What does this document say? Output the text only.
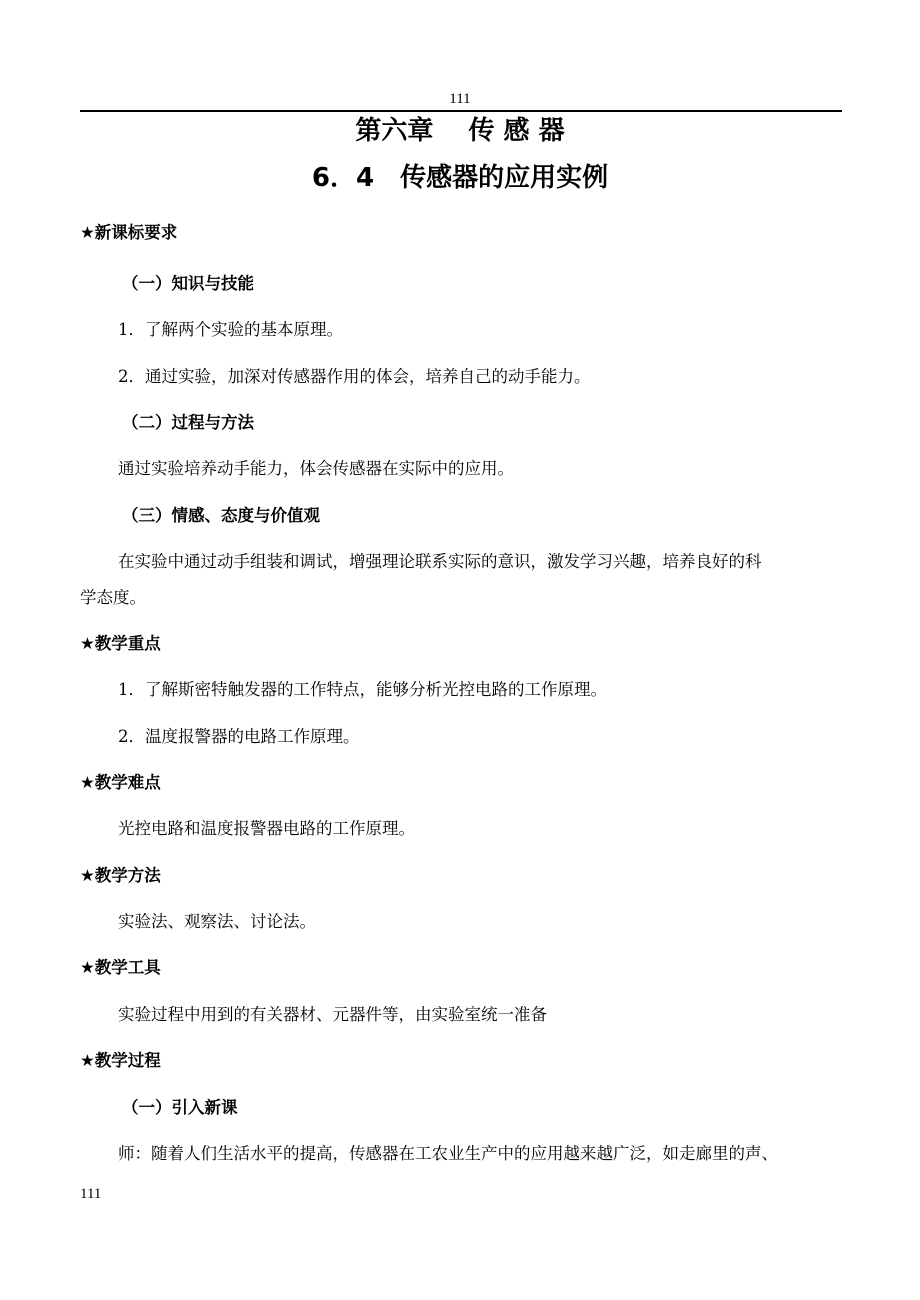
111
第六章　 传 感 器
6．4　传感器的应用实例
★新课标要求
（一）知识与技能
1．了解两个实验的基本原理。
2．通过实验，加深对传感器作用的体会，培养自己的动手能力。
（二）过程与方法
通过实验培养动手能力，体会传感器在实际中的应用。
（三）情感、态度与价值观
在实验中通过动手组装和调试，增强理论联系实际的意识，激发学习兴趣，培养良好的科
学态度。
★教学重点
1．了解斯密特触发器的工作特点，能够分析光控电路的工作原理。
2．温度报警器的电路工作原理。
★教学难点
光控电路和温度报警器电路的工作原理。
★教学方法
实验法、观察法、讨论法。
★教学工具
实验过程中用到的有关器材、元器件等，由实验室统一准备
★教学过程
（一）引入新课
师：随着人们生活水平的提高，传感器在工农业生产中的应用越来越广泛，如走廊里的声、
111
